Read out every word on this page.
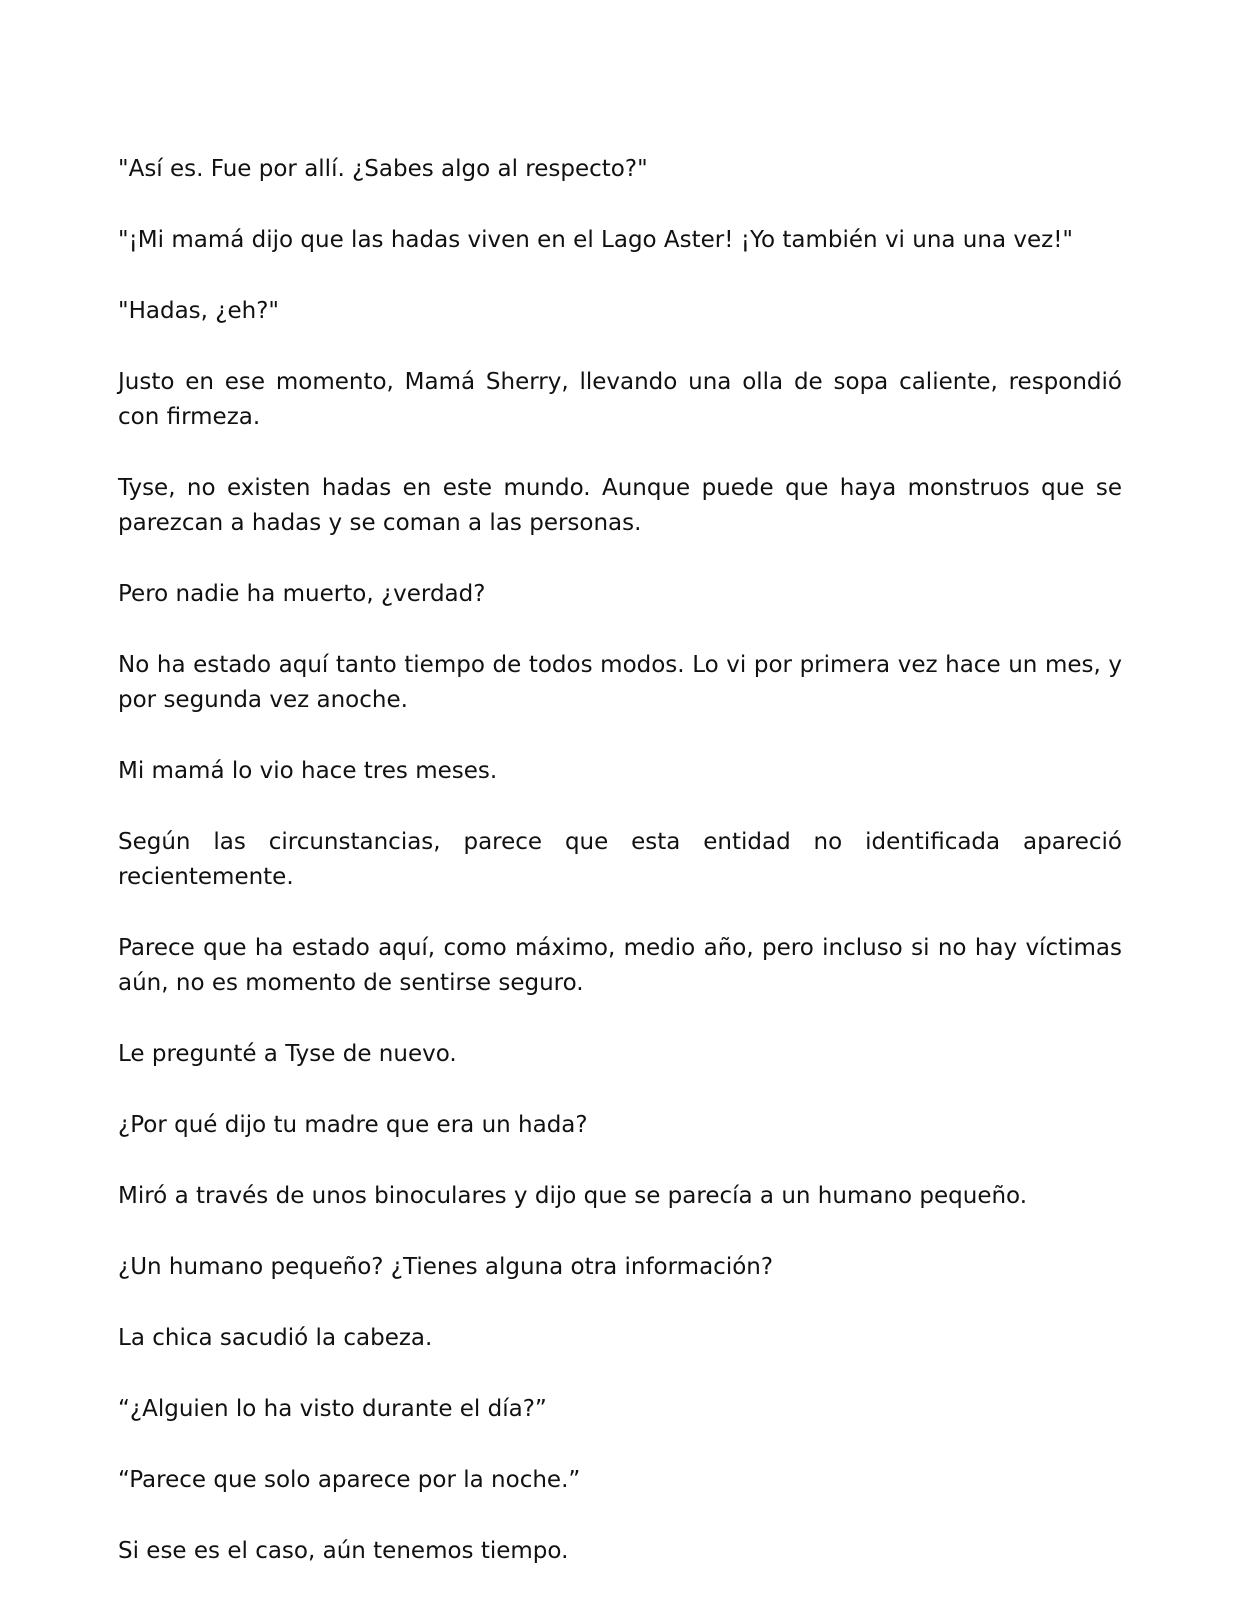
"Así es. Fue por allí. ¿Sabes algo al respecto?"

"¡Mi mamá dijo que las hadas viven en el Lago Aster! ¡Yo también vi una una vez!"

"Hadas, ¿eh?"

Justo en ese momento, Mamá Sherry, llevando una olla de sopa caliente, respondió con firmeza.

Tyse, no existen hadas en este mundo. Aunque puede que haya monstruos que se parezcan a hadas y se coman a las personas.

Pero nadie ha muerto, ¿verdad?

No ha estado aquí tanto tiempo de todos modos. Lo vi por primera vez hace un mes, y por segunda vez anoche.

Mi mamá lo vio hace tres meses.

Según las circunstancias, parece que esta entidad no identificada apareció recientemente.

Parece que ha estado aquí, como máximo, medio año, pero incluso si no hay víctimas aún, no es momento de sentirse seguro.

Le pregunté a Tyse de nuevo.

¿Por qué dijo tu madre que era un hada?

Miró a través de unos binoculares y dijo que se parecía a un humano pequeño.

¿Un humano pequeño? ¿Tienes alguna otra información?

La chica sacudió la cabeza.

“¿Alguien lo ha visto durante el día?”

“Parece que solo aparece por la noche.”

Si ese es el caso, aún tenemos tiempo.
